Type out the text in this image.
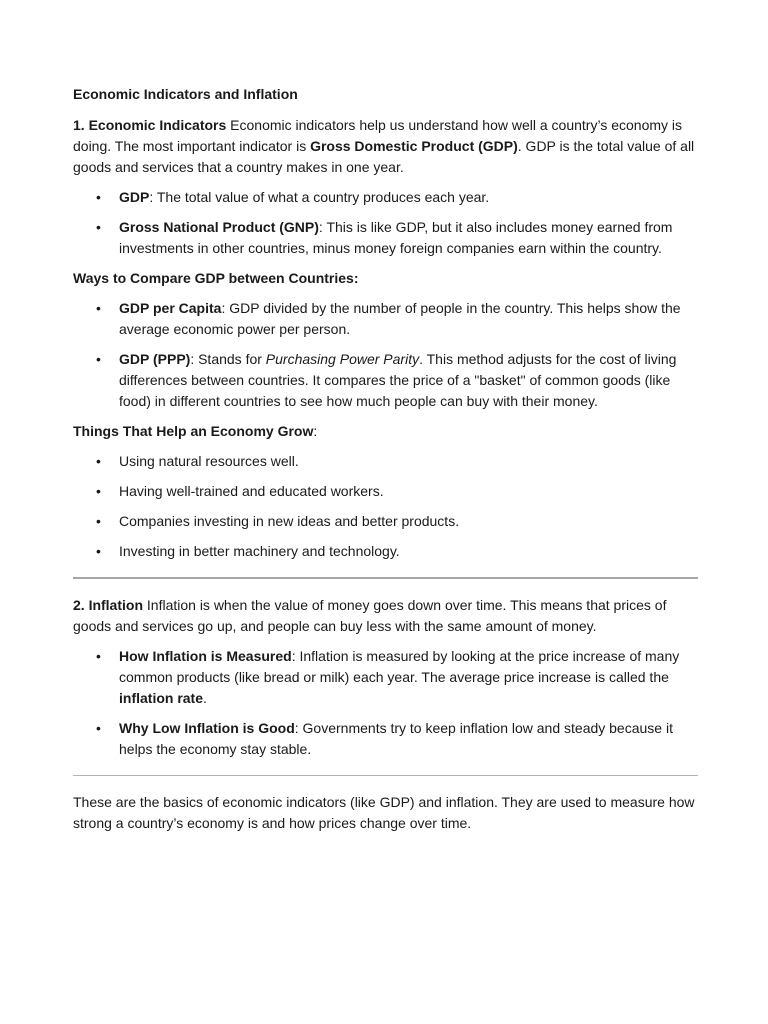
Economic Indicators and Inflation

1. Economic Indicators Economic indicators help us understand how well a country’s economy is doing. The most important indicator is Gross Domestic Product (GDP). GDP is the total value of all goods and services that a country makes in one year.

• GDP: The total value of what a country produces each year.
• Gross National Product (GNP): This is like GDP, but it also includes money earned from investments in other countries, minus money foreign companies earn within the country.

Ways to Compare GDP between Countries:

• GDP per Capita: GDP divided by the number of people in the country. This helps show the average economic power per person.
• GDP (PPP): Stands for Purchasing Power Parity. This method adjusts for the cost of living differences between countries. It compares the price of a "basket" of common goods (like food) in different countries to see how much people can buy with their money.

Things That Help an Economy Grow:

• Using natural resources well.
• Having well-trained and educated workers.
• Companies investing in new ideas and better products.
• Investing in better machinery and technology.

2. Inflation Inflation is when the value of money goes down over time. This means that prices of goods and services go up, and people can buy less with the same amount of money.

• How Inflation is Measured: Inflation is measured by looking at the price increase of many common products (like bread or milk) each year. The average price increase is called the inflation rate.
• Why Low Inflation is Good: Governments try to keep inflation low and steady because it helps the economy stay stable.

These are the basics of economic indicators (like GDP) and inflation. They are used to measure how strong a country’s economy is and how prices change over time.
